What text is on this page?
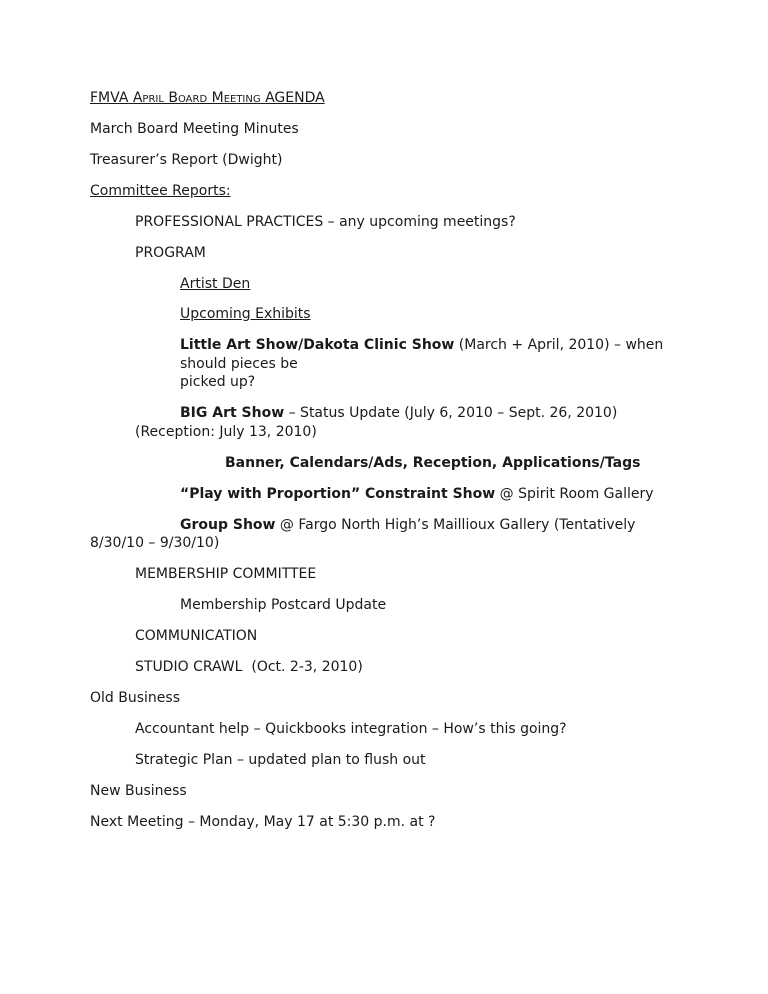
FMVA April Board Meeting AGENDA
March Board Meeting Minutes
Treasurer’s Report (Dwight)
Committee Reports:
PROFESSIONAL PRACTICES – any upcoming meetings?
PROGRAM
Artist Den
Upcoming Exhibits
Little Art Show/Dakota Clinic Show (March + April, 2010) – when
should pieces be
picked up?
BIG Art Show – Status Update (July 6, 2010 – Sept. 26, 2010)
(Reception: July 13, 2010)
Banner, Calendars/Ads, Reception, Applications/Tags
“Play with Proportion” Constraint Show @ Spirit Room Gallery
Group Show @ Fargo North High’s Maillioux Gallery (Tentatively
8/30/10 – 9/30/10)
MEMBERSHIP COMMITTEE
Membership Postcard Update
COMMUNICATION
STUDIO CRAWL  (Oct. 2-3, 2010)
Old Business
Accountant help – Quickbooks integration – How’s this going?
Strategic Plan – updated plan to flush out
New Business
Next Meeting – Monday, May 17 at 5:30 p.m. at ?
